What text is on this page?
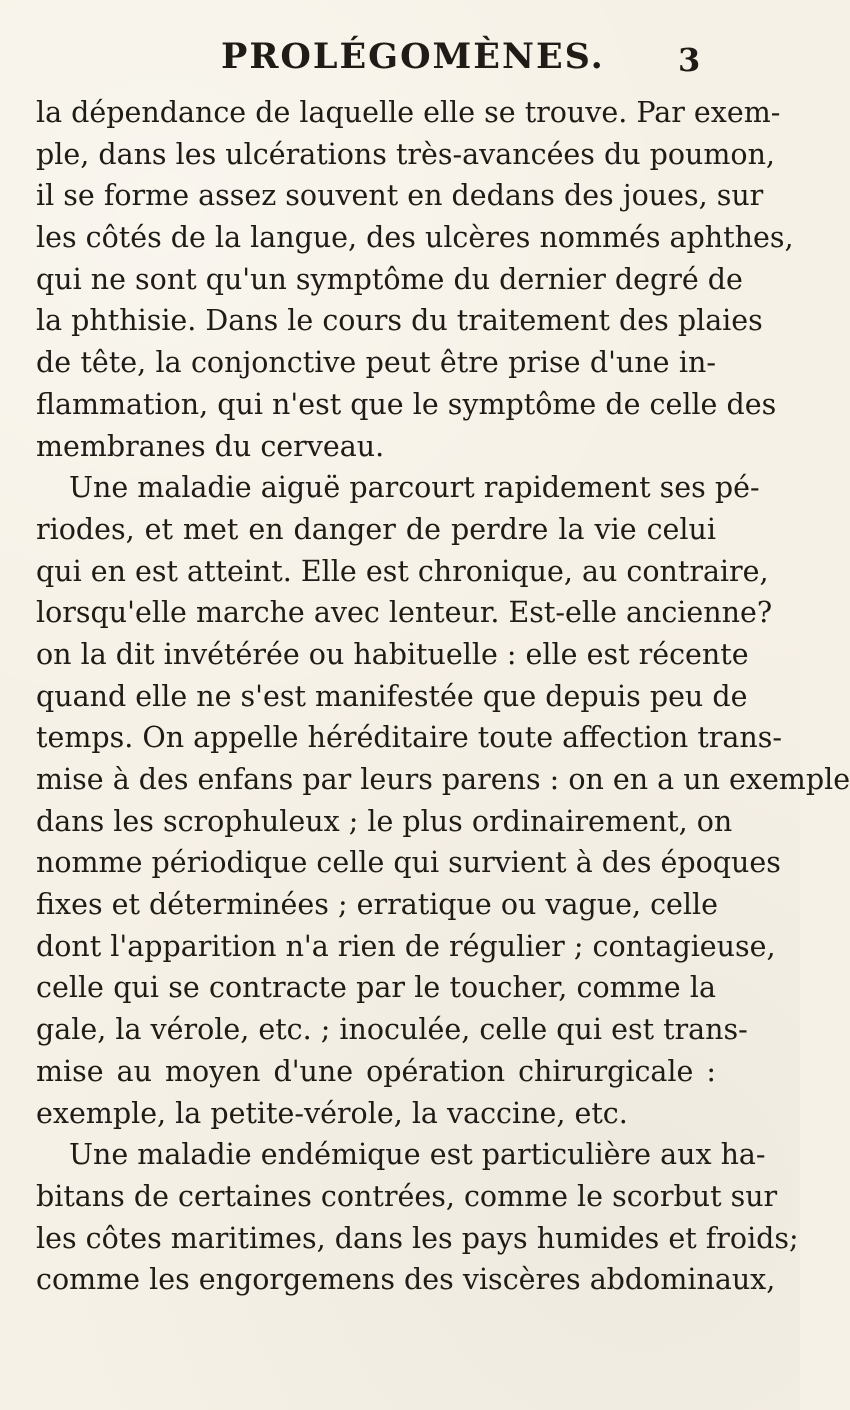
PROLÉGOMÈNES. 3
la dépendance de laquelle elle se trouve. Par exem-
ple, dans les ulcérations très-avancées du poumon,
il se forme assez souvent en dedans des joues, sur
les côtés de la langue, des ulcères nommés aphthes,
qui ne sont qu'un symptôme du dernier degré de
la phthisie. Dans le cours du traitement des plaies
de tête, la conjonctive peut être prise d'une in-
flammation, qui n'est que le symptôme de celle des
membranes du cerveau.
Une maladie aiguë parcourt rapidement ses pé-
riodes, et met en danger de perdre la vie celui
qui en est atteint. Elle est chronique, au contraire,
lorsqu'elle marche avec lenteur. Est-elle ancienne?
on la dit invétérée ou habituelle : elle est récente
quand elle ne s'est manifestée que depuis peu de
temps. On appelle héréditaire toute affection trans-
mise à des enfans par leurs parens : on en a un exemple
dans les scrophuleux ; le plus ordinairement, on
nomme périodique celle qui survient à des époques
fixes et déterminées ; erratique ou vague, celle
dont l'apparition n'a rien de régulier ; contagieuse,
celle qui se contracte par le toucher, comme la
gale, la vérole, etc. ; inoculée, celle qui est trans-
mise au moyen d'une opération chirurgicale :
exemple, la petite-vérole, la vaccine, etc.
Une maladie endémique est particulière aux ha-
bitans de certaines contrées, comme le scorbut sur
les côtes maritimes, dans les pays humides et froids;
comme les engorgemens des viscères abdominaux,
